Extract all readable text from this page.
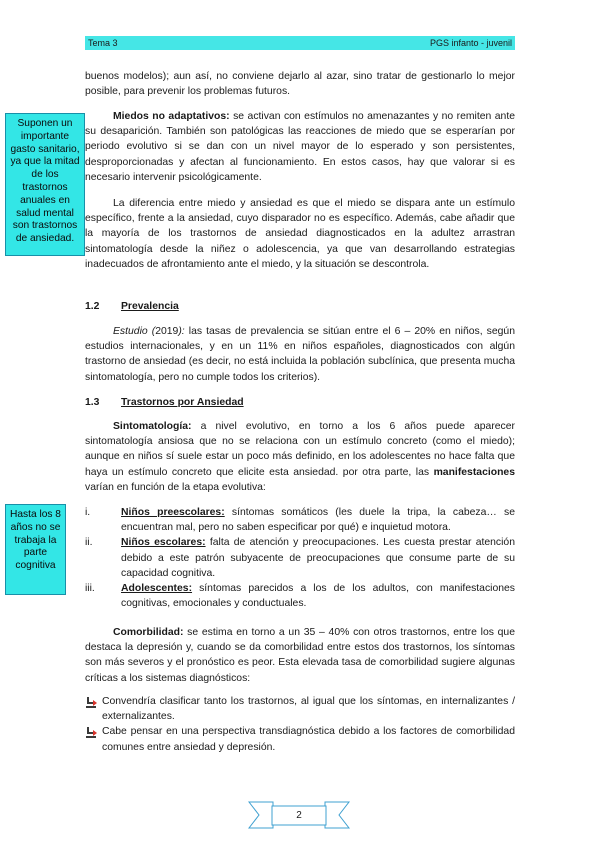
Tema 3	PGS infanto - juvenil
Suponen un importante gasto sanitario, ya que la mitad de los trastornos anuales en salud mental son trastornos de ansiedad.
Hasta los 8 años no se trabaja la parte cognitiva

buenos modelos); aun así, no conviene dejarlo al azar, sino tratar de gestionarlo lo mejor posible, para prevenir los problemas futuros.

Miedos no adaptativos: se activan con estímulos no amenazantes y no remiten ante su desaparición. También son patológicas las reacciones de miedo que se esperarían por periodo evolutivo si se dan con un nivel mayor de lo esperado y son persistentes, desproporcionadas y afectan al funcionamiento. En estos casos, hay que valorar si es necesario intervenir psicológicamente.

La diferencia entre miedo y ansiedad es que el miedo se dispara ante un estímulo específico, frente a la ansiedad, cuyo disparador no es específico. Además, cabe añadir que la mayoría de los trastornos de ansiedad diagnosticados en la adultez arrastran sintomatología desde la niñez o adolescencia, ya que van desarrollando estrategias inadecuados de afrontamiento ante el miedo, y la situación se descontrola.

1.2 Prevalencia

Estudio (2019): las tasas de prevalencia se sitúan entre el 6 – 20% en niños, según estudios internacionales, y en un 11% en niños españoles, diagnosticados con algún trastorno de ansiedad (es decir, no está incluida la población subclínica, que presenta mucha sintomatología, pero no cumple todos los criterios).

1.3 Trastornos por Ansiedad

Sintomatología: a nivel evolutivo, en torno a los 6 años puede aparecer sintomatología ansiosa que no se relaciona con un estímulo concreto (como el miedo); aunque en niños sí suele estar un poco más definido, en los adolescentes no hace falta que haya un estímulo concreto que elicite esta ansiedad. por otra parte, las manifestaciones varían en función de la etapa evolutiva:

i.	Niños preescolares: síntomas somáticos (les duele la tripa, la cabeza… se encuentran mal, pero no saben especificar por qué) e inquietud motora.
ii.	Niños escolares: falta de atención y preocupaciones. Les cuesta prestar atención debido a este patrón subyacente de preocupaciones que consume parte de su capacidad cognitiva.
iii.	Adolescentes: síntomas parecidos a los de los adultos, con manifestaciones cognitivas, emocionales y conductuales.

Comorbilidad: se estima en torno a un 35 – 40% con otros trastornos, entre los que destaca la depresión y, cuando se da comorbilidad entre estos dos trastornos, los síntomas son más severos y el pronóstico es peor. Esta elevada tasa de comorbilidad sugiere algunas críticas a los sistemas diagnósticos:

Convendría clasificar tanto los trastornos, al igual que los síntomas, en internalizantes / externalizantes.
Cabe pensar en una perspectiva transdiagnóstica debido a los factores de comorbilidad comunes entre ansiedad y depresión.
2
